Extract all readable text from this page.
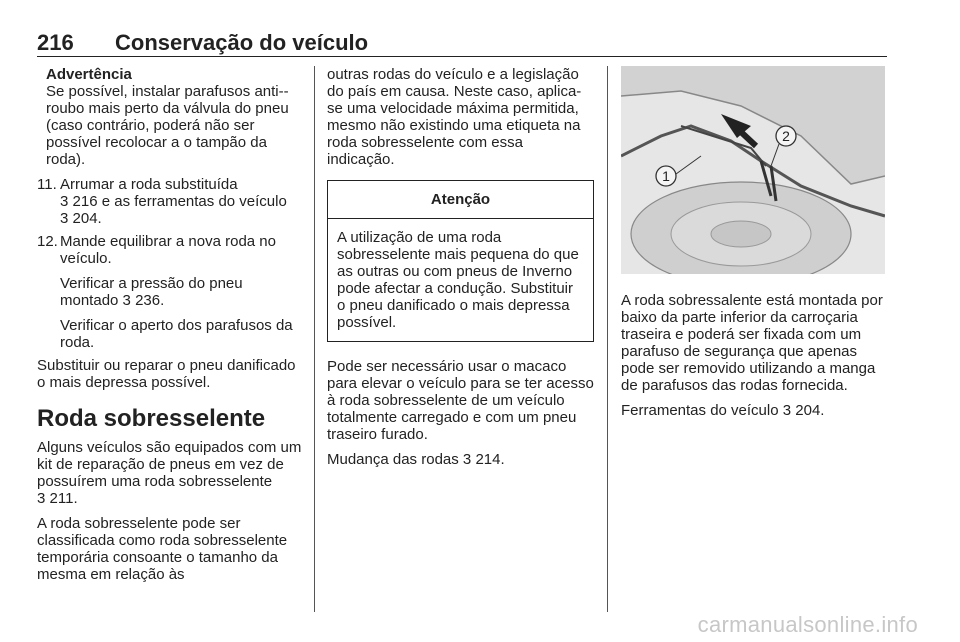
216 Conservação do veículo
Advertência
Se possível, instalar parafusos anti--roubo mais perto da válvula do pneu (caso contrário, poderá não ser possível recolocar a o tampão da roda).
11. Arrumar a roda substituída
3 216 e as ferramentas do veículo 3 204.
12. Mande equilibrar a nova roda no veículo.
Verificar a pressão do pneu montado 3 236.
Verificar o aperto dos parafusos da roda.
Substituir ou reparar o pneu danificado o mais depressa possível.
Roda sobresselente
Alguns veículos são equipados com um kit de reparação de pneus em vez de possuírem uma roda sobresselente 3 211.
A roda sobresselente pode ser classificada como roda sobresselente temporária consoante o tamanho da mesma em relação às
outras rodas do veículo e a legislação do país em causa. Neste caso, aplica-se uma velocidade máxima permitida, mesmo não existindo uma etiqueta na roda sobresselente com essa indicação.
Atenção
A utilização de uma roda sobresselente mais pequena do que as outras ou com pneus de Inverno pode afectar a condução. Substituir o pneu danificado o mais depressa possível.
Pode ser necessário usar o macaco para elevar o veículo para se ter acesso à roda sobresselente de um veículo totalmente carregado e com um pneu traseiro furado.
Mudança das rodas 3 214.
1
2
A roda sobressalente está montada por baixo da parte inferior da carroçaria traseira e poderá ser fixada com um parafuso de segurança que apenas pode ser removido utilizando a manga de parafusos das rodas fornecida.
Ferramentas do veículo 3 204.
carmanualsonline.info
